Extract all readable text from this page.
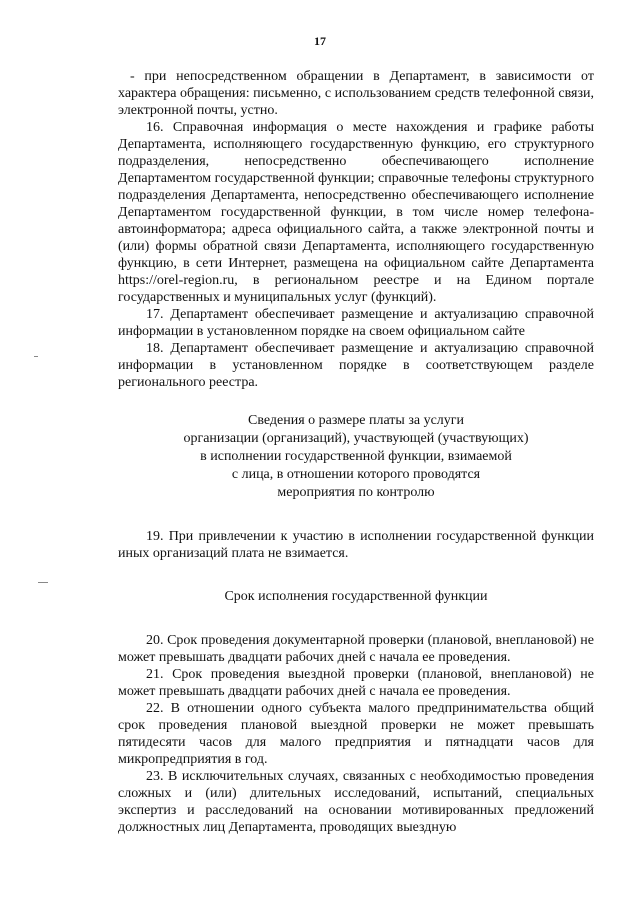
17

- при непосредственном обращении в Департамент, в зависимости от характера обращения: письменно, с использованием средств телефонной связи, электронной почты, устно.

16. Справочная информация о месте нахождения и графике работы Департамента, исполняющего государственную функцию, его структурного подразделения, непосредственно обеспечивающего исполнение Департаментом государственной функции; справочные телефоны структурного подразделения Департамента, непосредственно обеспечивающего исполнение Департаментом государственной функции, в том числе номер телефона-автоинформатора; адреса официального сайта, а также электронной почты и (или) формы обратной связи Департамента, исполняющего государственную функцию, в сети Интернет, размещена на официальном сайте Департамента https://orel-region.ru, в региональном реестре и на Едином портале государственных и муниципальных услуг (функций).

17. Департамент обеспечивает размещение и актуализацию справочной информации в установленном порядке на своем официальном сайте

18. Департамент обеспечивает размещение и актуализацию справочной информации в установленном порядке в соответствующем разделе регионального реестра.

Сведения о размере платы за услуги
организации (организаций), участвующей (участвующих)
в исполнении государственной функции, взимаемой
с лица, в отношении которого проводятся
мероприятия по контролю

19. При привлечении к участию в исполнении государственной функции иных организаций плата не взимается.

Срок исполнения государственной функции

20. Срок проведения документарной проверки (плановой, внеплановой) не может превышать двадцати рабочих дней с начала ее проведения.

21. Срок проведения выездной проверки (плановой, внеплановой) не может превышать двадцати рабочих дней с начала ее проведения.

22. В отношении одного субъекта малого предпринимательства общий срок проведения плановой выездной проверки не может превышать пятидесяти часов для малого предприятия и пятнадцати часов для микропредприятия в год.

23. В исключительных случаях, связанных с необходимостью проведения сложных и (или) длительных исследований, испытаний, специальных экспертиз и расследований на основании мотивированных предложений должностных лиц Департамента, проводящих выездную
